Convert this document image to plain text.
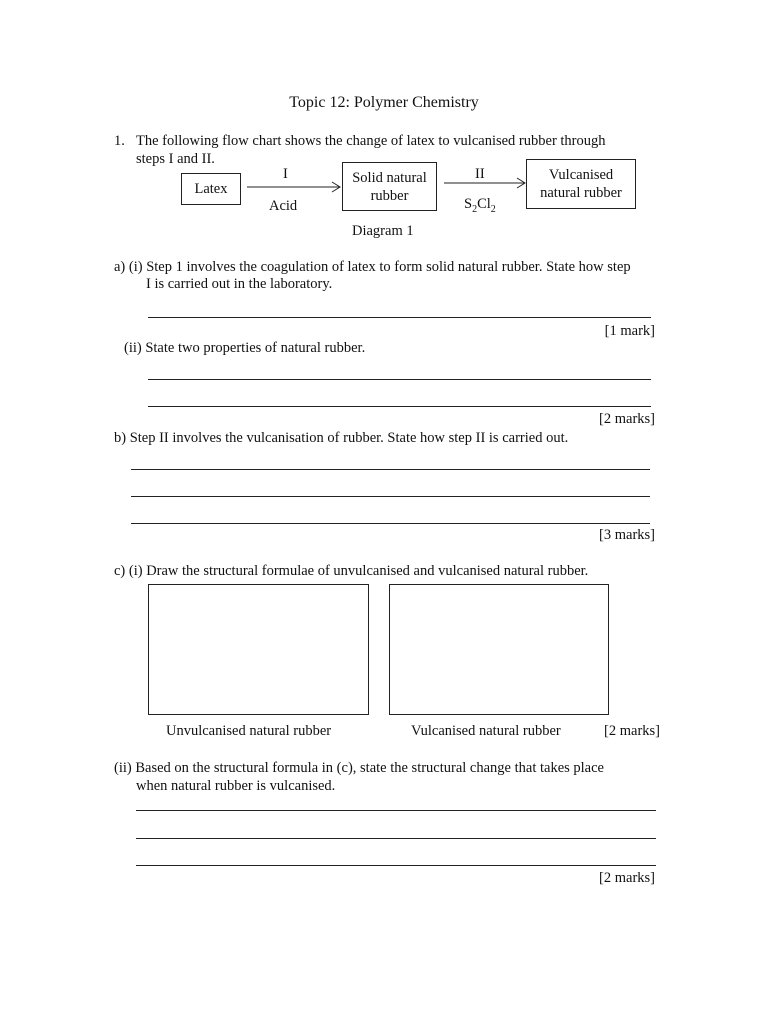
Topic 12: Polymer Chemistry
1. The following flow chart shows the change of latex to vulcanised rubber through
steps I and II.
Latex
I
Acid
Solid natural
rubber
II
$S_2Cl_2$
Vulcanised
natural rubber
Diagram 1
a) (i) Step 1 involves the coagulation of latex to form solid natural rubber. State how step
I is carried out in the laboratory.
[1 mark]
(ii) State two properties of natural rubber.
[2 marks]
b) Step II involves the vulcanisation of rubber. State how step II is carried out.
[3 marks]
c) (i) Draw the structural formulae of unvulcanised and vulcanised natural rubber.
Unvulcanised natural rubber	Vulcanised natural rubber	[2 marks]
(ii) Based on the structural formula in (c), state the structural change that takes place
when natural rubber is vulcanised.
[2 marks]
